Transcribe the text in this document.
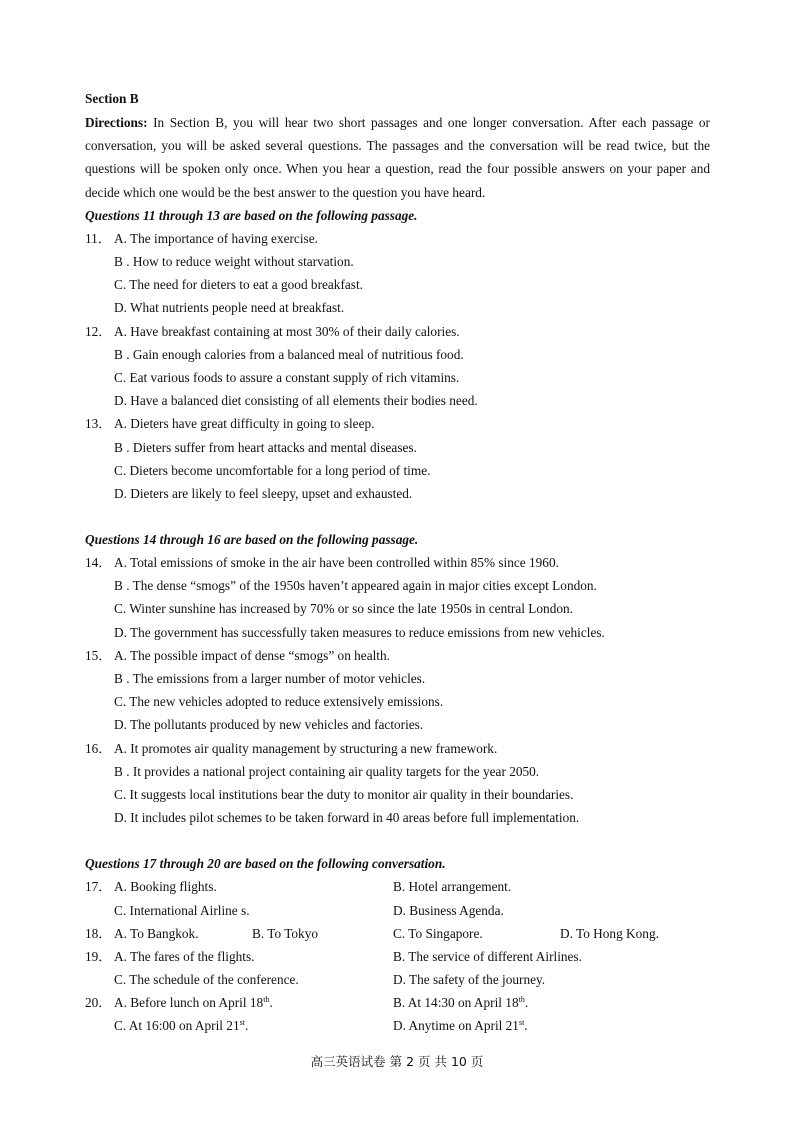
Section B
Directions: In Section B, you will hear two short passages and one longer conversation. After each passage or conversation, you will be asked several questions. The passages and the conversation will be read twice, but the questions will be spoken only once. When you hear a question, read the four possible answers on your paper and decide which one would be the best answer to the question you have heard.
Questions 11 through 13 are based on the following passage.
11． A. The importance of having exercise.
B . How to reduce weight without starvation.
C. The need for dieters to eat a good breakfast.
D. What nutrients people need at breakfast.
12． A. Have breakfast containing at most 30% of their daily calories.
B . Gain enough calories from a balanced meal of nutritious food.
C. Eat various foods to assure a constant supply of rich vitamins.
D. Have a balanced diet consisting of all elements their bodies need.
13． A. Dieters have great difficulty in going to sleep.
B . Dieters suffer from heart attacks and mental diseases.
C. Dieters become uncomfortable for a long period of time.
D. Dieters are likely to feel sleepy, upset and exhausted.
Questions 14 through 16 are based on the following passage.
14． A. Total emissions of smoke in the air have been controlled within 85% since 1960.
B . The dense “smogs” of the 1950s haven’t appeared again in major cities except London.
C. Winter sunshine has increased by 70% or so since the late 1950s in central London.
D. The government has successfully taken measures to reduce emissions from new vehicles.
15． A. The possible impact of dense “smogs” on health.
B . The emissions from a larger number of motor vehicles.
C. The new vehicles adopted to reduce extensively emissions.
D. The pollutants produced by new vehicles and factories.
16． A. It promotes air quality management by structuring a new framework.
B . It provides a national project containing air quality targets for the year 2050.
C. It suggests local institutions bear the duty to monitor air quality in their boundaries.
D. It includes pilot schemes to be taken forward in 40 areas before full implementation.
Questions 17 through 20 are based on the following conversation.
17． A. Booking flights.	B. Hotel arrangement.
C. International Airline s.	D. Business Agenda.
18． A. To Bangkok.	B. To Tokyo	C. To Singapore.	D. To Hong Kong.
19． A. The fares of the flights.	B. The service of different Airlines.
C. The schedule of the conference.	D. The safety of the journey.
20． A. Before lunch on April 18th.	B. At 14:30 on April 18th.
C. At 16:00 on April 21st.	D. Anytime on April 21st.
高三英语试卷 第 2 页 共 10 页
